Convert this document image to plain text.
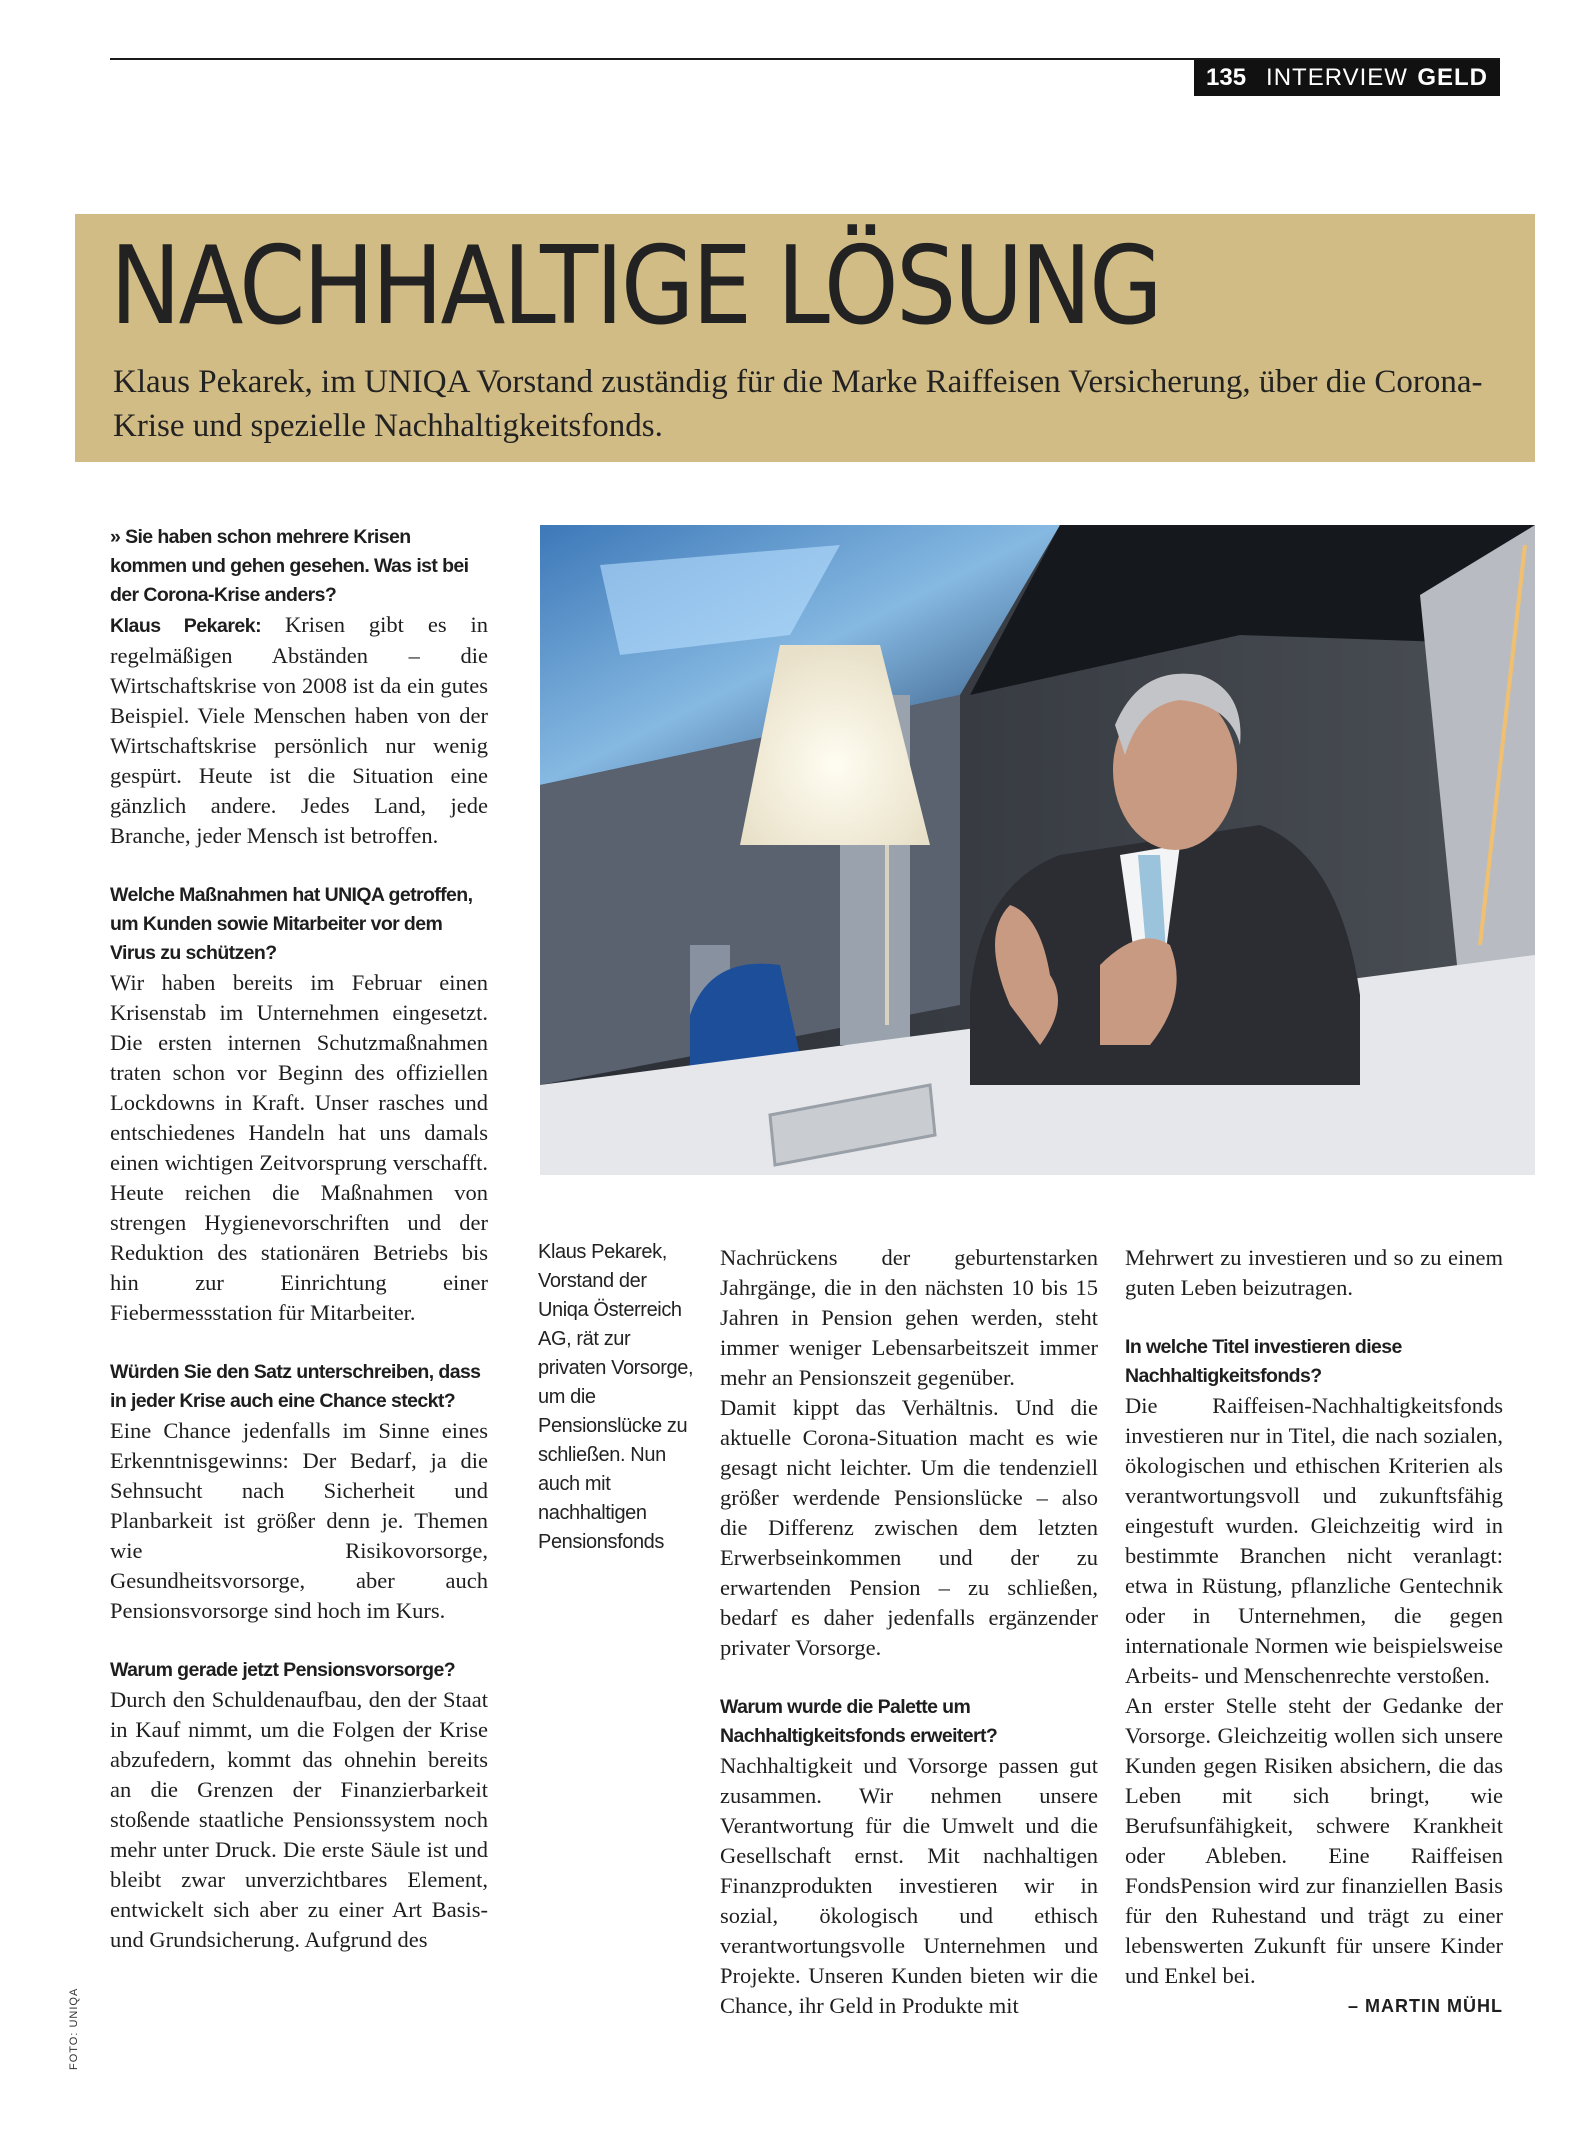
135 INTERVIEW GELD
NACHHALTIGE LÖSUNG

Klaus Pekarek, im UNIQA Vorstand zuständig für die Marke Raiffeisen Versicherung, über die Corona-Krise und spezielle Nachhaltigkeitsfonds.

» Sie haben schon mehrere Krisen kommen und gehen gesehen. Was ist bei der Corona-Krise anders?

Klaus Pekarek: Krisen gibt es in regelmäßigen Abständen – die Wirtschaftskrise von 2008 ist da ein gutes Beispiel. Viele Menschen haben von der Wirtschaftskrise persönlich nur wenig gespürt. Heute ist die Situation eine gänzlich andere. Jedes Land, jede Branche, jeder Mensch ist betroffen.

Welche Maßnahmen hat UNIQA getroffen, um Kunden sowie Mitarbeiter vor dem Virus zu schützen?

Wir haben bereits im Februar einen Krisenstab im Unternehmen eingesetzt. Die ersten internen Schutzmaßnahmen traten schon vor Beginn des offiziellen Lockdowns in Kraft. Unser rasches und entschiedenes Handeln hat uns damals einen wichtigen Zeitvorsprung verschafft. Heute reichen die Maßnahmen von strengen Hygienevorschriften und der Reduktion des stationären Betriebs bis hin zur Einrichtung einer Fiebermessstation für Mitarbeiter.

Würden Sie den Satz unterschreiben, dass in jeder Krise auch eine Chance steckt?

Eine Chance jedenfalls im Sinne eines Erkenntnisgewinns: Der Bedarf, ja die Sehnsucht nach Sicherheit und Planbarkeit ist größer denn je. Themen wie Risikovorsorge, Gesundheitsvorsorge, aber auch Pensionsvorsorge sind hoch im Kurs.

Warum gerade jetzt Pensionsvorsorge?

Durch den Schuldenaufbau, den der Staat in Kauf nimmt, um die Folgen der Krise abzufedern, kommt das ohnehin bereits an die Grenzen der Finanzierbarkeit stoßende staatliche Pensionssystem noch mehr unter Druck. Die erste Säule ist und bleibt zwar unverzichtbares Element, entwickelt sich aber zu einer Art Basis- und Grundsicherung. Aufgrund des

Klaus Pekarek, Vorstand der Uniqa Österreich AG, rät zur privaten Vorsorge, um die Pensionslücke zu schließen. Nun auch mit nachhaltigen Pensionsfonds

Nachrückens der geburtenstarken Jahrgänge, die in den nächsten 10 bis 15 Jahren in Pension gehen werden, steht immer weniger Lebensarbeitszeit immer mehr an Pensionszeit gegenüber.

Damit kippt das Verhältnis. Und die aktuelle Corona-Situation macht es wie gesagt nicht leichter. Um die tendenziell größer werdende Pensionslücke – also die Differenz zwischen dem letzten Erwerbseinkommen und der zu erwartenden Pension – zu schließen, bedarf es daher jedenfalls ergänzender privater Vorsorge.

Warum wurde die Palette um Nachhaltigkeitsfonds erweitert?

Nachhaltigkeit und Vorsorge passen gut zusammen. Wir nehmen unsere Verantwortung für die Umwelt und die Gesellschaft ernst. Mit nachhaltigen Finanzprodukten investieren wir in sozial, ökologisch und ethisch verantwortungsvolle Unternehmen und Projekte. Unseren Kunden bieten wir die Chance, ihr Geld in Produkte mit

Mehrwert zu investieren und so zu einem guten Leben beizutragen.

In welche Titel investieren diese Nachhaltigkeitsfonds?

Die Raiffeisen-Nachhaltigkeitsfonds investieren nur in Titel, die nach sozialen, ökologischen und ethischen Kriterien als verantwortungsvoll und zukunftsfähig eingestuft wurden. Gleichzeitig wird in bestimmte Branchen nicht veranlagt: etwa in Rüstung, pflanzliche Gentechnik oder in Unternehmen, die gegen internationale Normen wie beispielsweise Arbeits- und Menschenrechte verstoßen.

An erster Stelle steht der Gedanke der Vorsorge. Gleichzeitig wollen sich unsere Kunden gegen Risiken absichern, die das Leben mit sich bringt, wie Berufsunfähigkeit, schwere Krankheit oder Ableben. Eine Raiffeisen FondsPension wird zur finanziellen Basis für den Ruhestand und trägt zu einer lebenswerten Zukunft für unsere Kinder und Enkel bei.

– MARTIN MÜHL

FOTO: UNIQA
